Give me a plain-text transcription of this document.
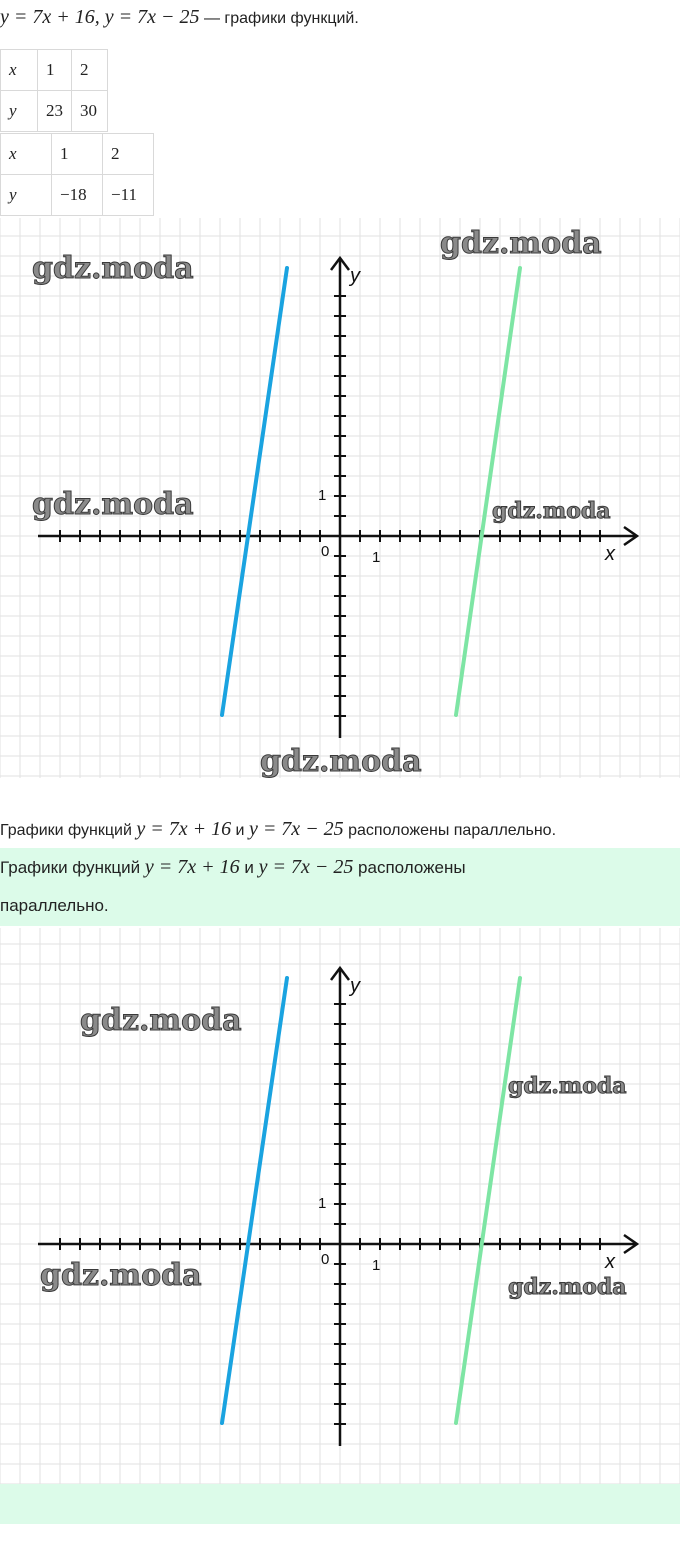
y = 7x + 16, y = 7x − 25 — графики функций.
x	1	2
y	23	30
x	1	2
y	−18	−11
y
x
0	1
1
gdz.moda
gdz.moda
gdz.moda	gdz.moda
gdz.moda
Графики функций y = 7x + 16 и y = 7x − 25 расположены параллельно.
Графики функций y = 7x + 16 и y = 7x − 25 расположены
параллельно.
y
x
0	1
1
gdz.moda
gdz.moda
gdz.moda	gdz.moda
